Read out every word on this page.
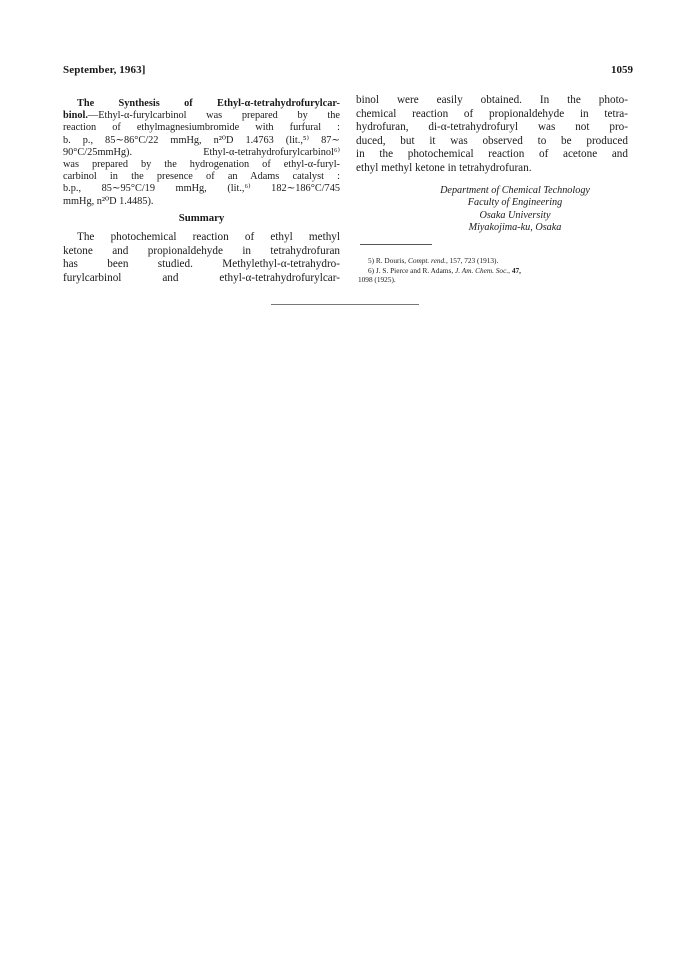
September, 1963]	1059
The Synthesis of Ethyl-α-tetrahydrofurylcar-
binol.—Ethyl-α-furylcarbinol was prepared by the
reaction of ethylmagnesiumbromide with furfural :
b. p., 85∼86°C/22 mmHg, n²⁰D 1.4763 (lit.,⁵⁾ 87∼
90°C/25mmHg). Ethyl-α-tetrahydrofurylcarbinol⁶⁾
was prepared by the hydrogenation of ethyl-α-furyl-
carbinol in the presence of an Adams catalyst :
b.p., 85∼95°C/19 mmHg, (lit.,⁶⁾ 182∼186°C/745
mmHg, n²⁰D 1.4485).
Summary
The photochemical reaction of ethyl methyl
ketone and propionaldehyde in tetrahydrofuran
has been studied. Methylethyl-α-tetrahydro-
furylcarbinol and ethyl-α-tetrahydrofurylcar-
binol were easily obtained. In the photo-
chemical reaction of propionaldehyde in tetra-
hydrofuran, di-α-tetrahydrofuryl was not pro-
duced, but it was observed to be produced
in the photochemical reaction of acetone and
ethyl methyl ketone in tetrahydrofuran.
Department of Chemical Technology
Faculty of Engineering
Osaka University
Miyakojima-ku, Osaka
5) R. Douris, Compt. rend., 157, 723 (1913).
6) J. S. Pierce and R. Adams, J. Am. Chem. Soc., 47,
1098 (1925).
